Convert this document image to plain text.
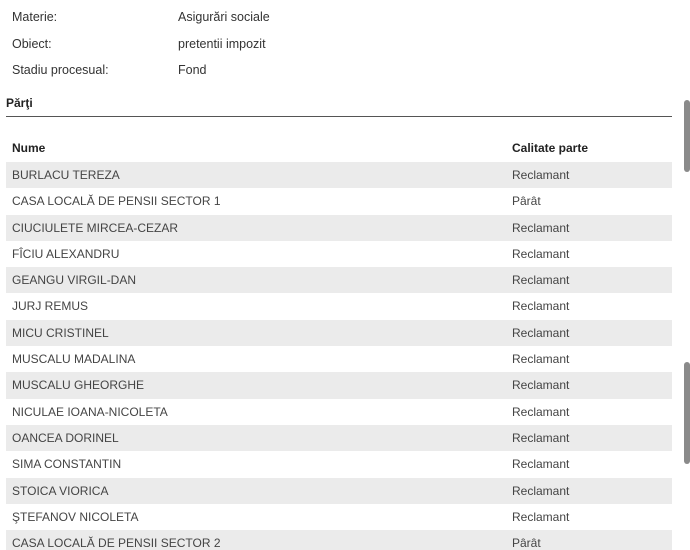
Materie:	Asigurări sociale
Obiect:	pretentii impozit
Stadiu procesual:	Fond
Părţi
Nume	Calitate parte
BURLACU TEREZA	Reclamant
CASA LOCALĂ DE PENSII SECTOR 1	Pârât
CIUCIULETE MIRCEA-CEZAR	Reclamant
FÎCIU ALEXANDRU	Reclamant
GEANGU VIRGIL-DAN	Reclamant
JURJ REMUS	Reclamant
MICU CRISTINEL	Reclamant
MUSCALU MADALINA	Reclamant
MUSCALU GHEORGHE	Reclamant
NICULAE IOANA-NICOLETA	Reclamant
OANCEA DORINEL	Reclamant
SIMA CONSTANTIN	Reclamant
STOICA VIORICA	Reclamant
ŞTEFANOV NICOLETA	Reclamant
CASA LOCALĂ DE PENSII SECTOR 2	Pârât
